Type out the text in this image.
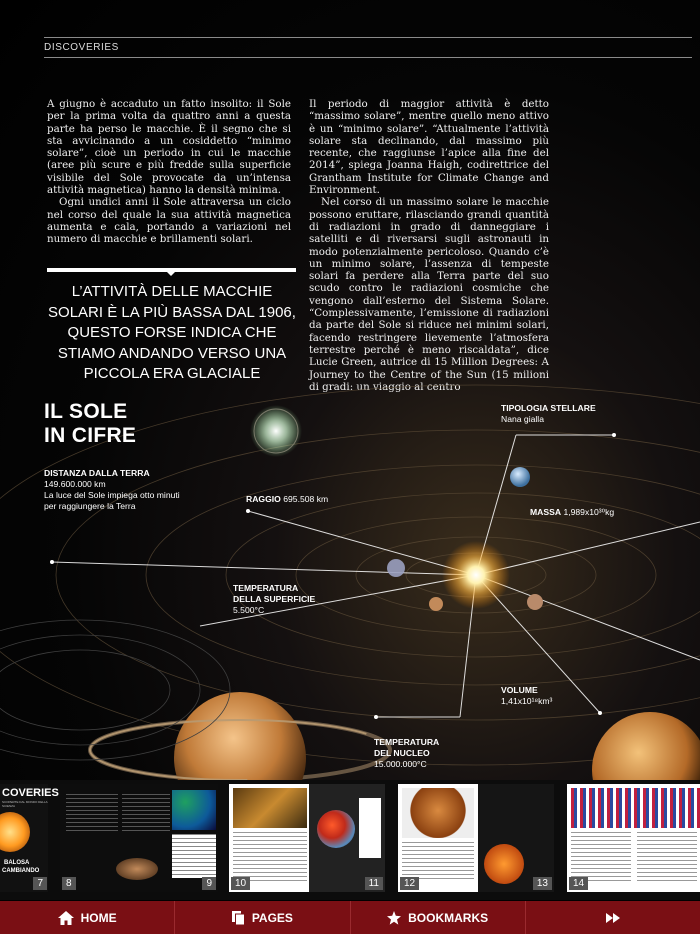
DISCOVERIES

A giugno è accaduto un fatto insolito: il Sole per la prima volta da quattro anni a questa parte ha perso le macchie. È il segno che si sta avvicinando a un cosiddetto “minimo solare”, cioè un periodo in cui le macchie (aree più scure e più fredde sulla superficie visibile del Sole provocate da un’intensa attività magnetica) hanno la densità minima.

Ogni undici anni il Sole attraversa un ciclo nel corso del quale la sua attività magnetica aumenta e cala, portando a variazioni nel numero di macchie e brillamenti solari.

L’ATTIVITÀ DELLE MACCHIE SOLARI È LA PIÙ BASSA DAL 1906, QUESTO FORSE INDICA CHE STIAMO ANDANDO VERSO UNA PICCOLA ERA GLACIALE

Il periodo di maggior attività è detto “massimo solare”, mentre quello meno attivo è un “minimo solare”. “Attualmente l’attività solare sta declinando, dal massimo più recente, che raggiunse l’apice alla fine del 2014”, spiega Joanna Haigh, codirettrice del Grantham Institute for Climate Change and Environment.

Nel corso di un massimo solare le macchie possono eruttare, rilasciando grandi quantità di radiazioni in grado di danneggiare i satelliti e di riversarsi sugli astronauti in modo potenzialmente pericoloso. Quando c’è un minimo solare, l’assenza di tempeste solari fa perdere alla Terra parte del suo scudo contro le radiazioni cosmiche che vengono dall’esterno del Sistema Solare. “Complessivamente, l’emissione di radiazioni da parte del Sole si riduce nei minimi solari, facendo restringere lievemente l’atmosfera terrestre perché è meno riscaldata”, dice Lucie Green, autrice di 15 Million Degrees: A Journey to the Centre of the Sun (15 milioni di gradi: un viaggio al centro

IL SOLE
IN CIFRE
DISTANZA DALLA TERRA
149.600.000 km
La luce del Sole impiega otto minuti per raggiungere la Terra
RAGGIO 695.508 km
TEMPERATURA
DELLA SUPERFICIE
5.500°C
TIPOLOGIA STELLARE
Nana gialla
MASSA 1,989x10³⁰kg
VOLUME
1,41x10¹⁸km³
TEMPERATURA
DEL NUCLEO
15.000.000°C
COVERIES
SCOPERTE DAL MONDO DELLA SCIENZA
BALOSA
CAMBIANDO
7	8	9	10	11	12	13	14
HOME	PAGES	BOOKMARKS
